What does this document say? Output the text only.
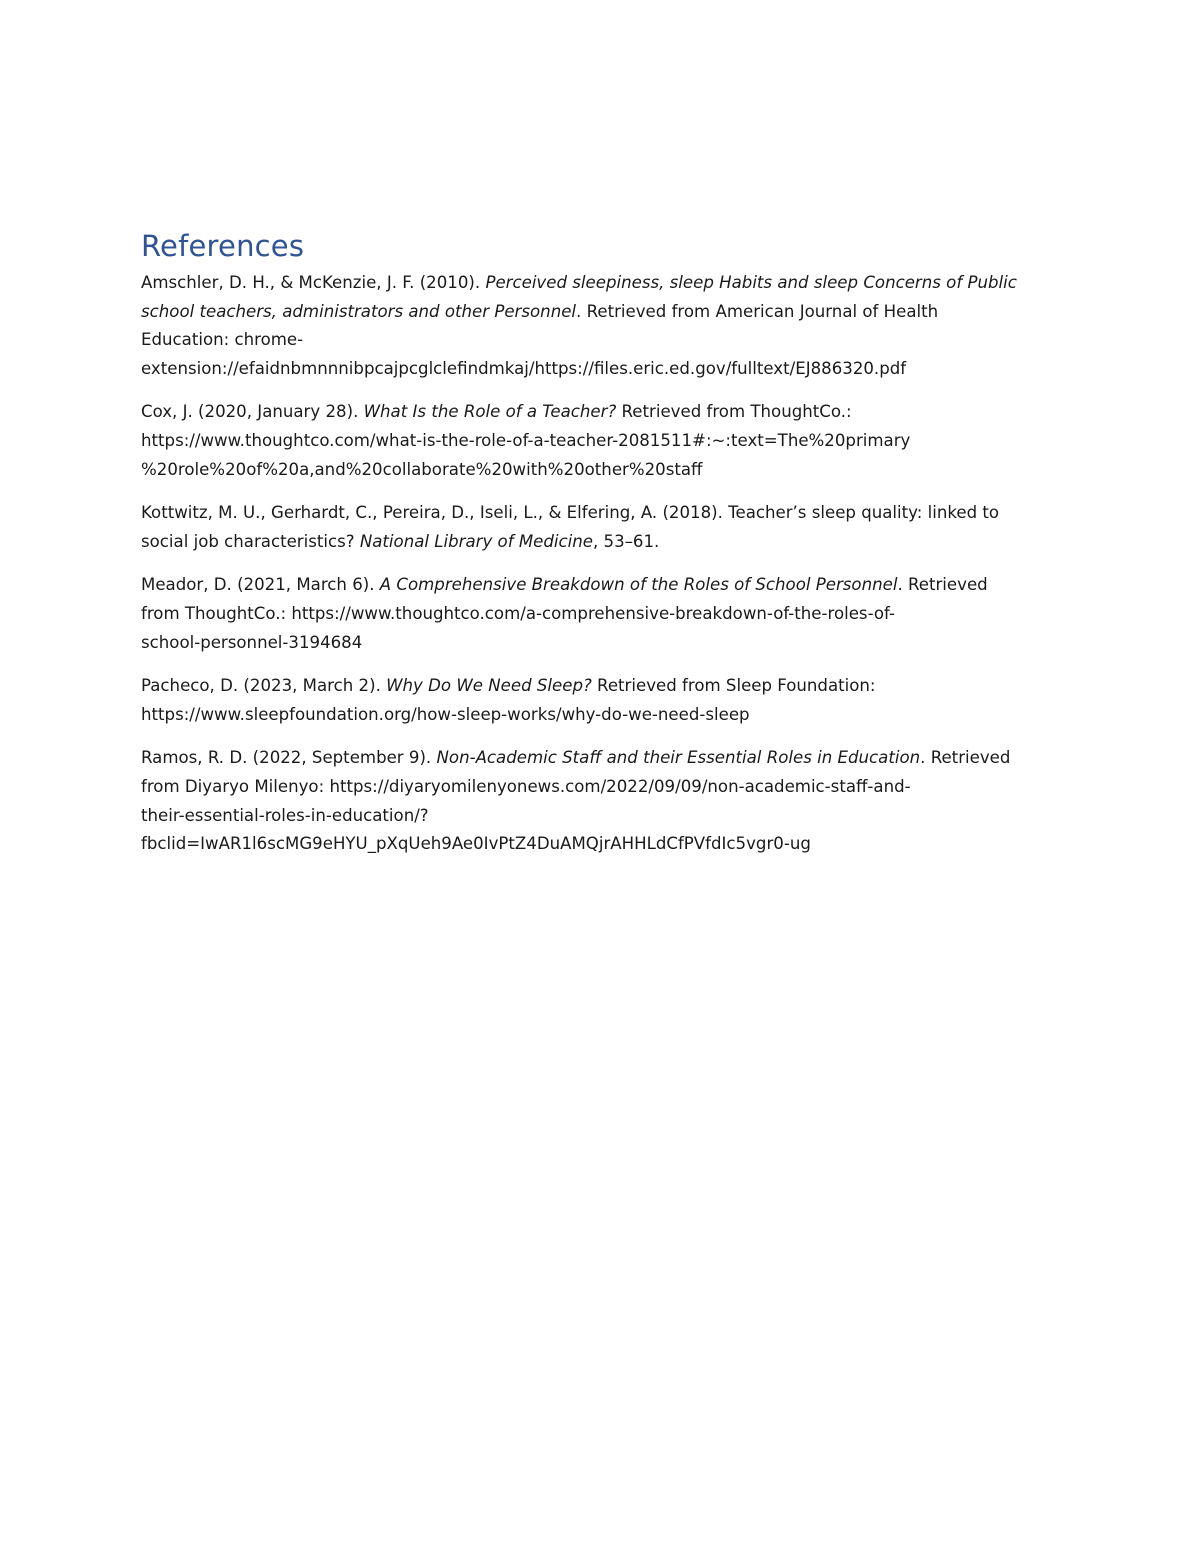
References

Amschler, D. H., & McKenzie, J. F. (2010). Perceived sleepiness, sleep Habits and sleep Concerns of Public
school teachers, administrators and other Personnel. Retrieved from American Journal of Health
Education: chrome-
extension://efaidnbmnnnibpcajpcglclefindmkaj/https://files.eric.ed.gov/fulltext/EJ886320.pdf

Cox, J. (2020, January 28). What Is the Role of a Teacher? Retrieved from ThoughtCo.:
https://www.thoughtco.com/what-is-the-role-of-a-teacher-2081511#:~:text=The%20primary
%20role%20of%20a,and%20collaborate%20with%20other%20staff

Kottwitz, M. U., Gerhardt, C., Pereira, D., Iseli, L., & Elfering, A. (2018). Teacher’s sleep quality: linked to
social job characteristics? National Library of Medicine, 53–61.

Meador, D. (2021, March 6). A Comprehensive Breakdown of the Roles of School Personnel. Retrieved
from ThoughtCo.: https://www.thoughtco.com/a-comprehensive-breakdown-of-the-roles-of-
school-personnel-3194684

Pacheco, D. (2023, March 2). Why Do We Need Sleep? Retrieved from Sleep Foundation:
https://www.sleepfoundation.org/how-sleep-works/why-do-we-need-sleep

Ramos, R. D. (2022, September 9). Non-Academic Staff and their Essential Roles in Education. Retrieved
from Diyaryo Milenyo: https://diyaryomilenyonews.com/2022/09/09/non-academic-staff-and-
their-essential-roles-in-education/?
fbclid=IwAR1l6scMG9eHYU_pXqUeh9Ae0IvPtZ4DuAMQjrAHHLdCfPVfdIc5vgr0-ug
